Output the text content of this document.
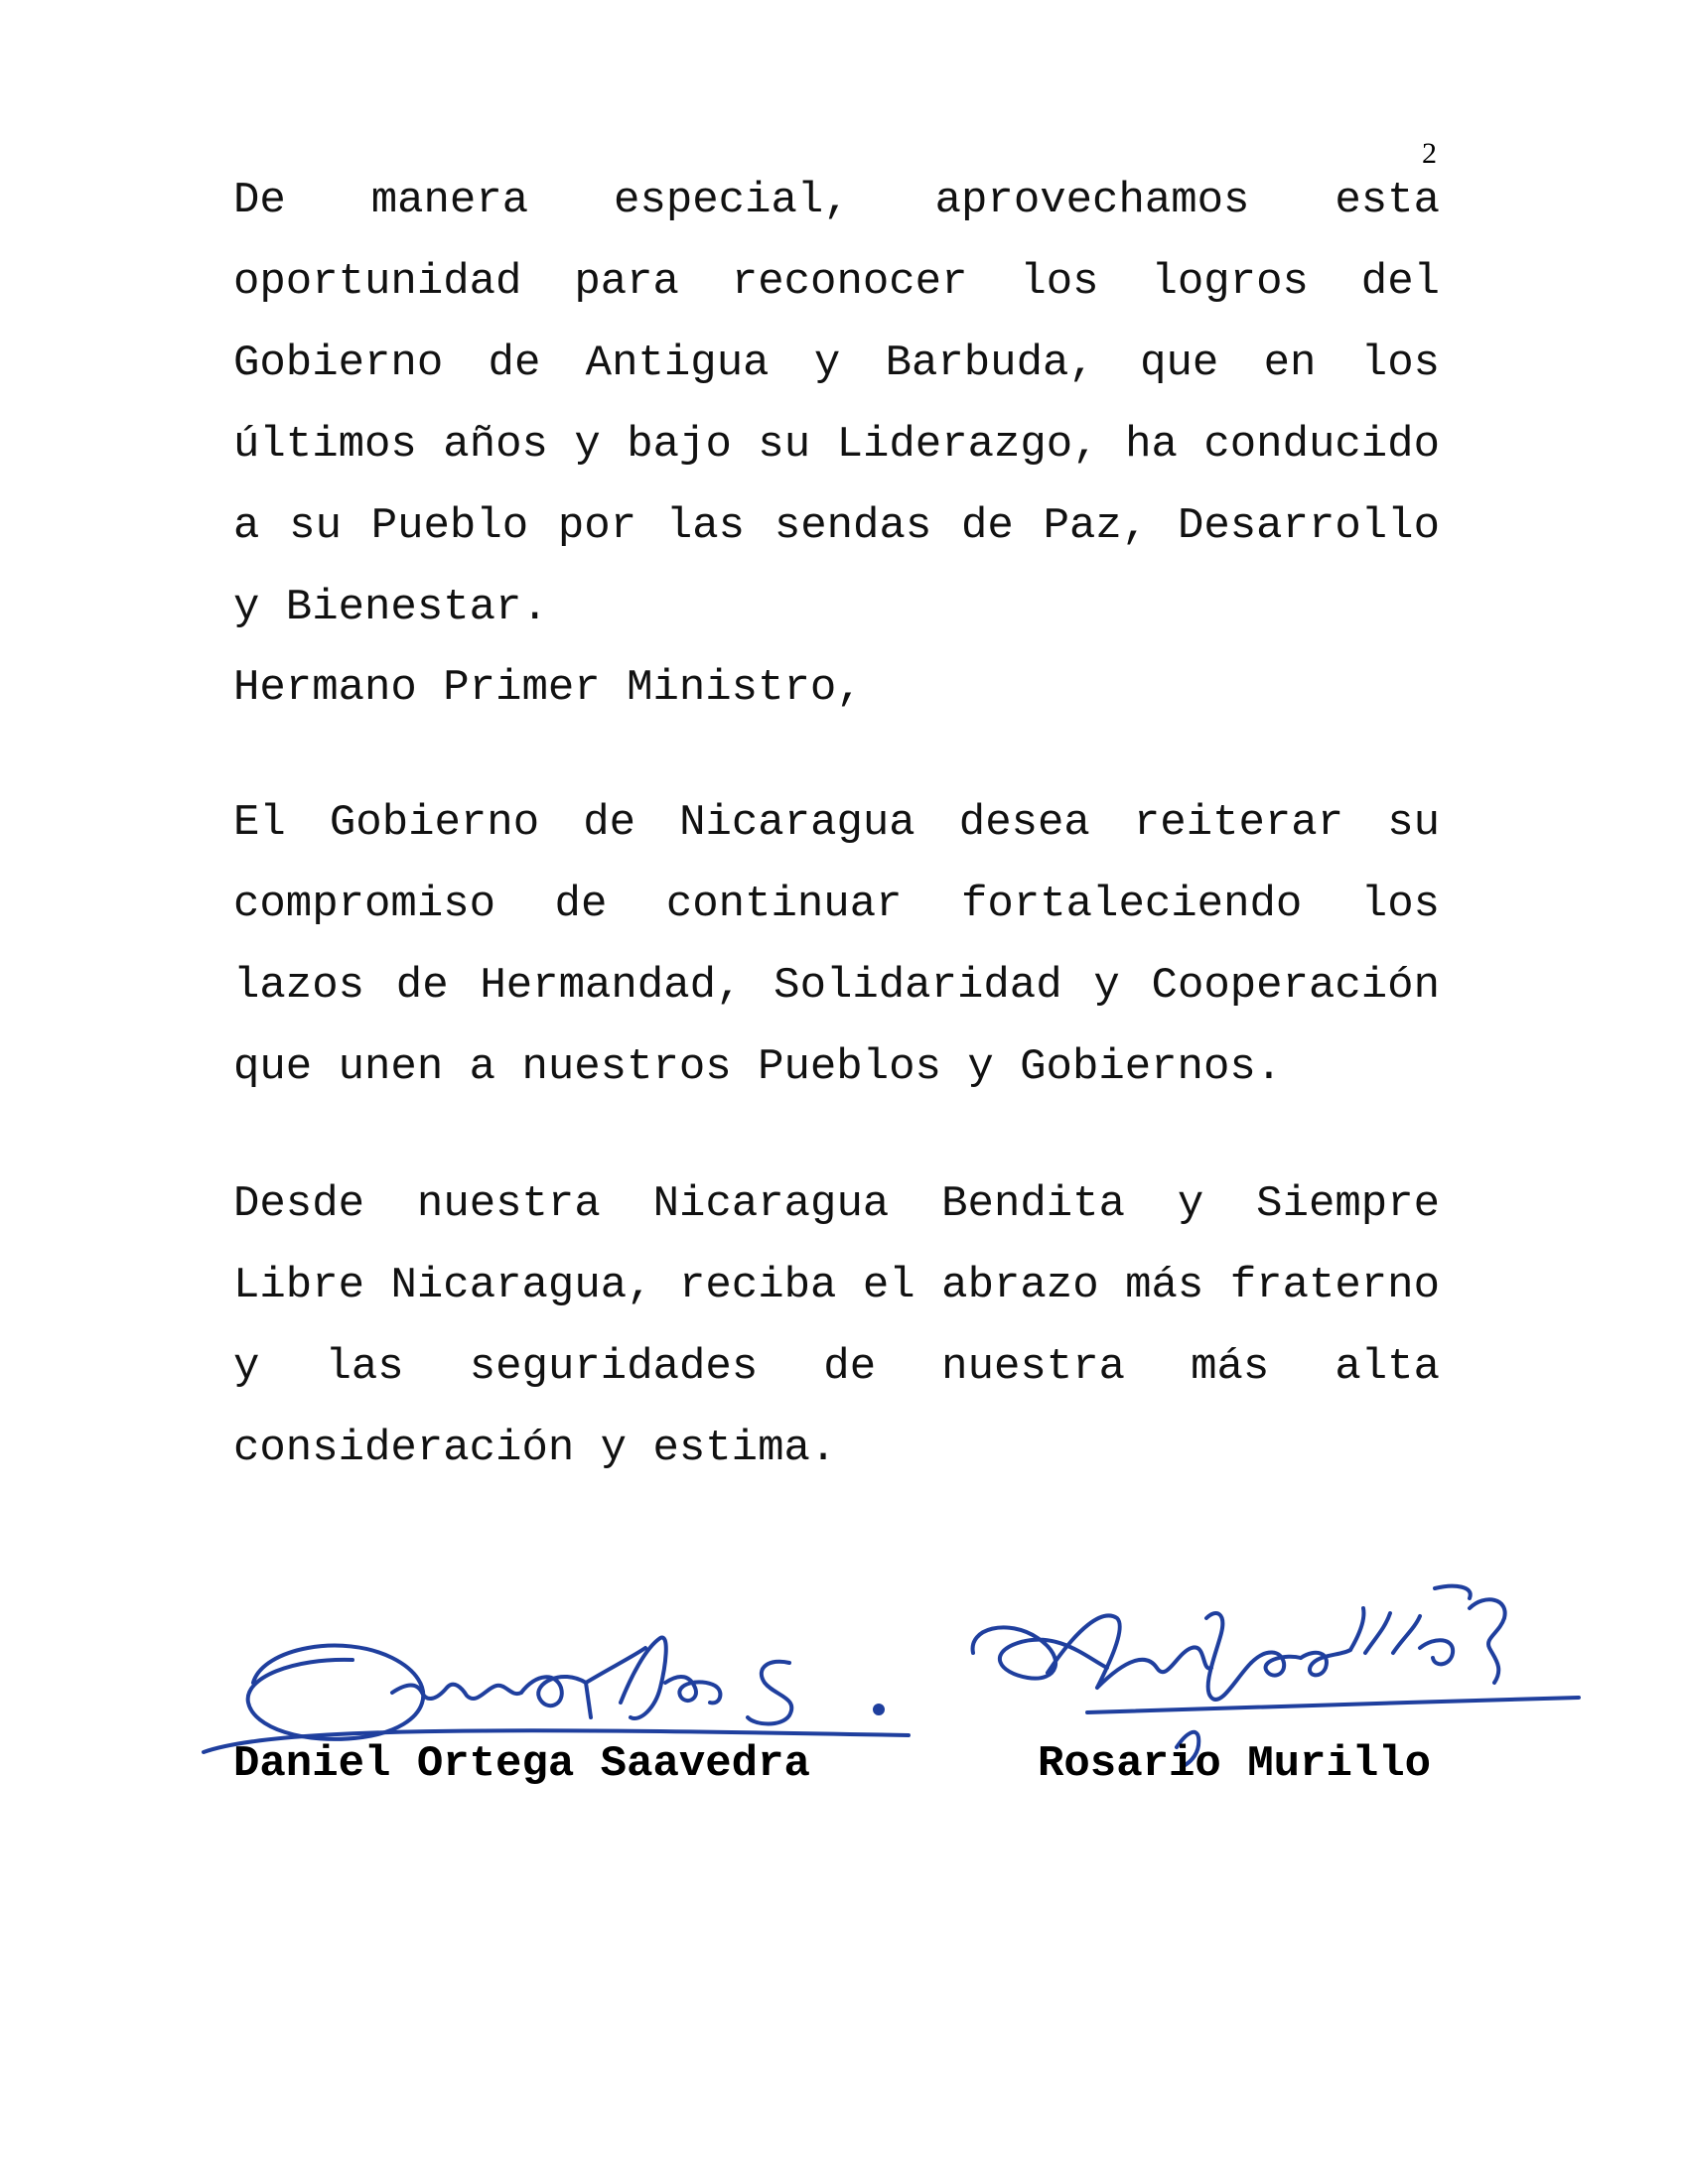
2

De manera especial, aprovechamos esta oportunidad para reconocer los logros del Gobierno de Antigua y Barbuda, que en los últimos años y bajo su Liderazgo, ha conducido a su Pueblo por las sendas de Paz, Desarrollo y Bienestar.

Hermano Primer Ministro,

El Gobierno de Nicaragua desea reiterar su compromiso de continuar fortaleciendo los lazos de Hermandad, Solidaridad y Cooperación que unen a nuestros Pueblos y Gobiernos.

Desde nuestra Nicaragua Bendita y Siempre Libre Nicaragua, reciba el abrazo más fraterno y las seguridades de nuestra más alta consideración y estima.

Daniel Ortega Saavedra	Rosario Murillo
